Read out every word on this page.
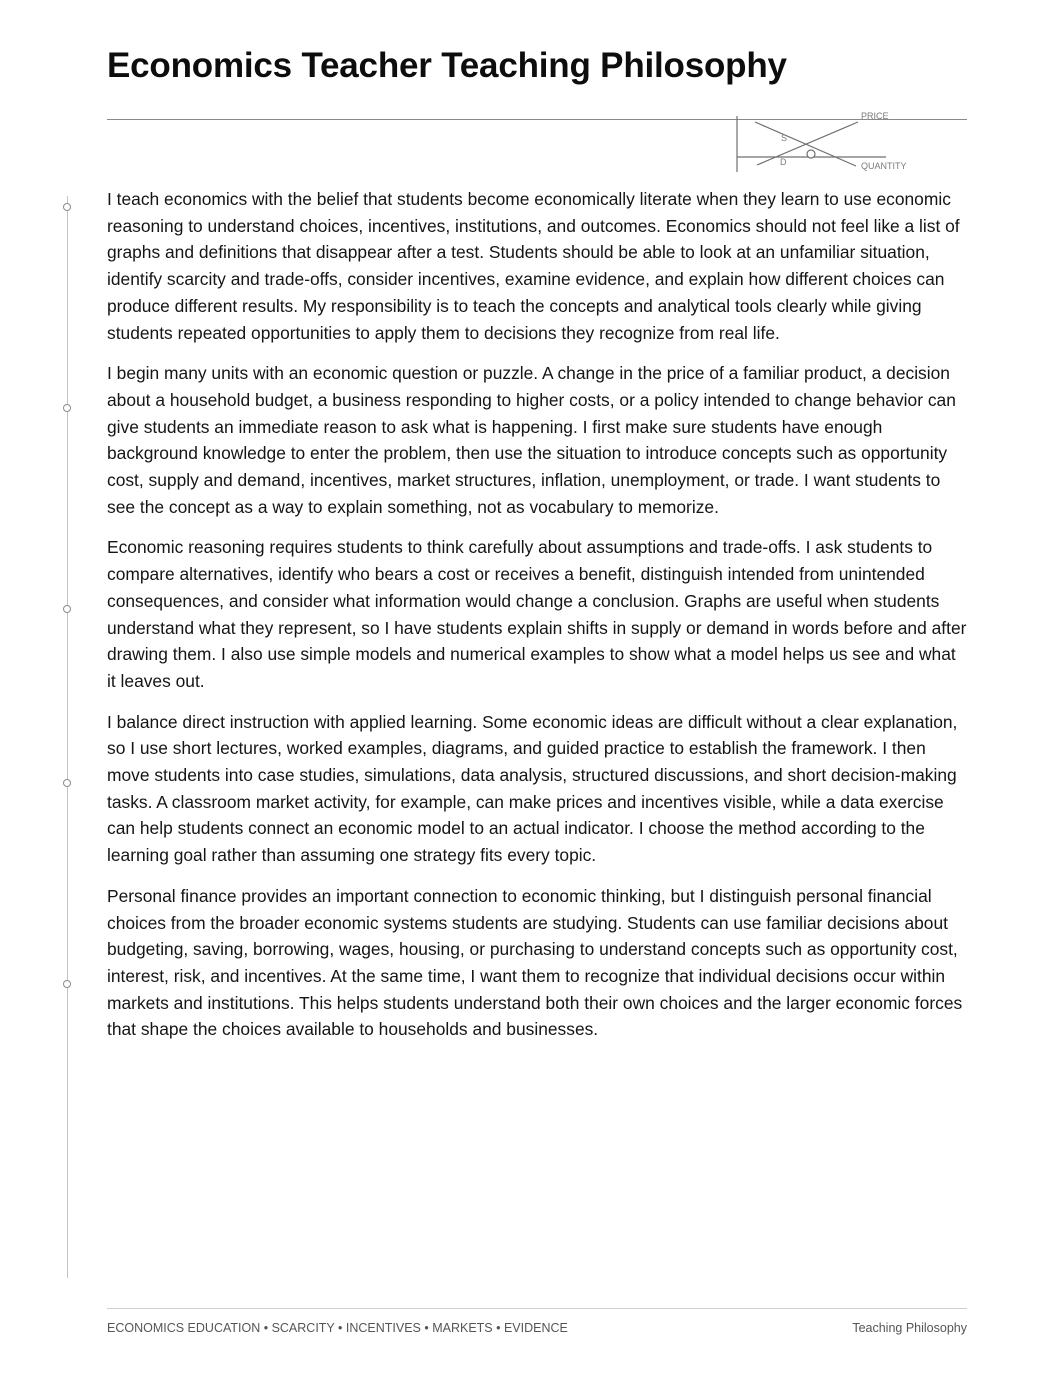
Economics Teacher Teaching Philosophy
PRICE
QUANTITY
S
D

I teach economics with the belief that students become economically literate when they learn to use economic reasoning to understand choices, incentives, institutions, and outcomes. Economics should not feel like a list of graphs and definitions that disappear after a test. Students should be able to look at an unfamiliar situation, identify scarcity and trade-offs, consider incentives, examine evidence, and explain how different choices can produce different results. My responsibility is to teach the concepts and analytical tools clearly while giving students repeated opportunities to apply them to decisions they recognize from real life.

I begin many units with an economic question or puzzle. A change in the price of a familiar product, a decision about a household budget, a business responding to higher costs, or a policy intended to change behavior can give students an immediate reason to ask what is happening. I first make sure students have enough background knowledge to enter the problem, then use the situation to introduce concepts such as opportunity cost, supply and demand, incentives, market structures, inflation, unemployment, or trade. I want students to see the concept as a way to explain something, not as vocabulary to memorize.

Economic reasoning requires students to think carefully about assumptions and trade-offs. I ask students to compare alternatives, identify who bears a cost or receives a benefit, distinguish intended from unintended consequences, and consider what information would change a conclusion. Graphs are useful when students understand what they represent, so I have students explain shifts in supply or demand in words before and after drawing them. I also use simple models and numerical examples to show what a model helps us see and what it leaves out.

I balance direct instruction with applied learning. Some economic ideas are difficult without a clear explanation, so I use short lectures, worked examples, diagrams, and guided practice to establish the framework. I then move students into case studies, simulations, data analysis, structured discussions, and short decision-making tasks. A classroom market activity, for example, can make prices and incentives visible, while a data exercise can help students connect an economic model to an actual indicator. I choose the method according to the learning goal rather than assuming one strategy fits every topic.

Personal finance provides an important connection to economic thinking, but I distinguish personal financial choices from the broader economic systems students are studying. Students can use familiar decisions about budgeting, saving, borrowing, wages, housing, or purchasing to understand concepts such as opportunity cost, interest, risk, and incentives. At the same time, I want them to recognize that individual decisions occur within markets and institutions. This helps students understand both their own choices and the larger economic forces that shape the choices available to households and businesses.

ECONOMICS EDUCATION • SCARCITY • INCENTIVES • MARKETS • EVIDENCE	Teaching Philosophy
